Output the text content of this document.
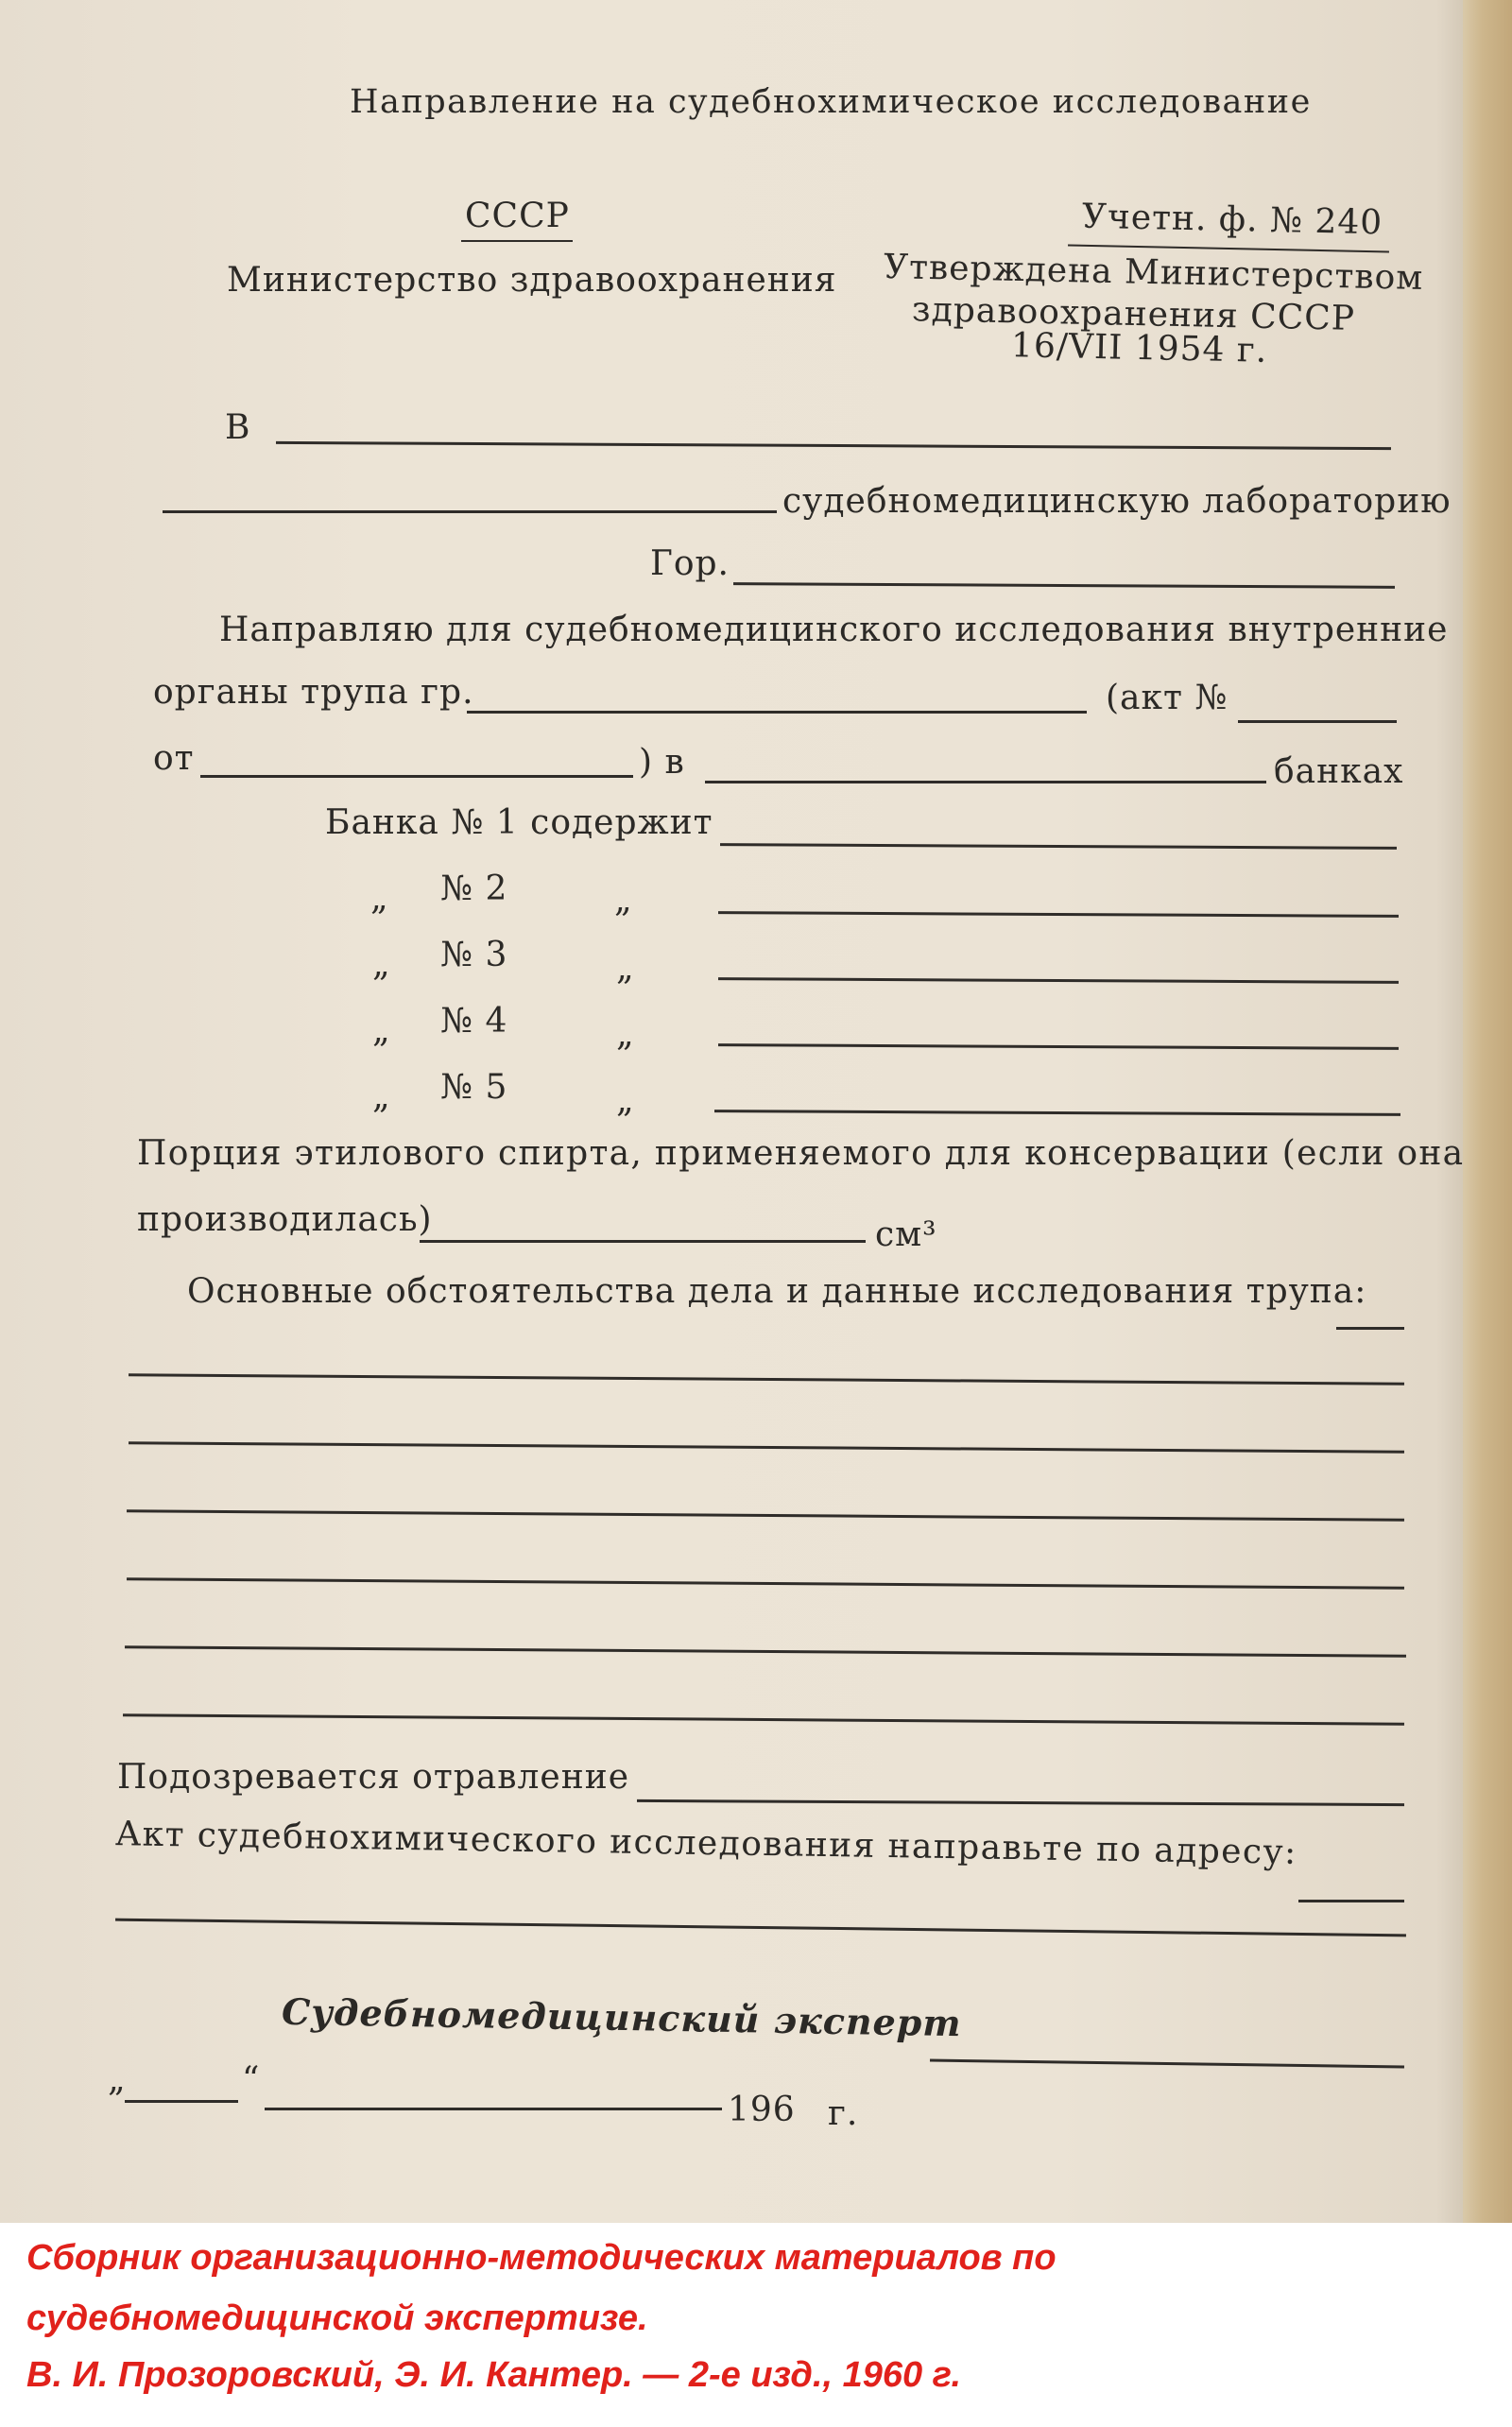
Направление на судебнохимическое исследование
СССР
Министерство здравоохранения
Учетн. ф. № 240
Утверждена Министерством
здравоохранения СССР
16/VII 1954 г.
В
судебномедицинскую лабораторию
Гор.
Направляю для судебномедицинского исследования внутренние
органы трупа гр.	(акт №
от	) в	банках
Банка № 1 содержит
„ № 2	„
„ № 3	„
„ № 4	„
„ № 5	„
Порция этилового спирта, применяемого для консервации (если она
производилась)	см³
Основные обстоятельства дела и данные исследования трупа:
Подозревается отравление
Акт судебнохимического исследования направьте по адресу:
Судебномедицинский эксперт
„	“
196 г.
Сборник организационно-методических материалов по
судебномедицинской экспертизе.
В. И. Прозоровский, Э. И. Кантер. — 2-е изд., 1960 г.
